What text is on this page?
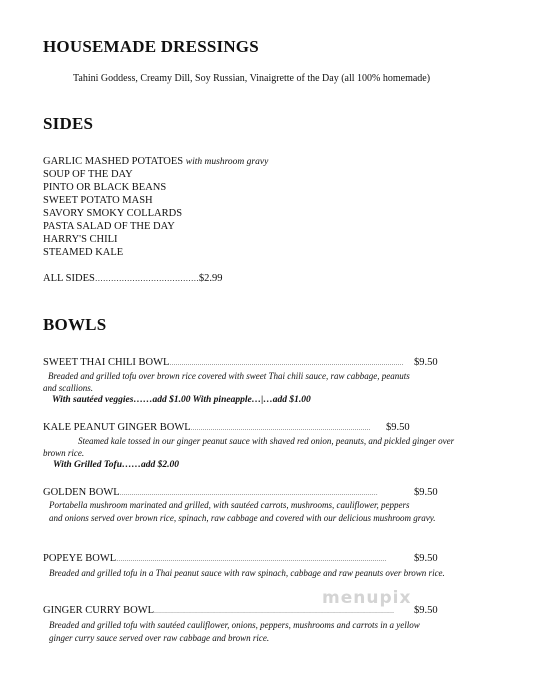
HOUSEMADE DRESSINGS
Tahini Goddess, Creamy Dill, Soy Russian, Vinaigrette of the Day (all 100% homemade)
SIDES
GARLIC MASHED POTATOES with mushroom gravy
SOUP OF THE DAY
PINTO OR BLACK BEANS
SWEET POTATO MASH
SAVORY SMOKY COLLARDS
PASTA SALAD OF THE DAY
HARRY'S CHILI
STEAMED KALE
ALL SIDES…………………………………$2.99
BOWLS
SWEET THAI CHILI BOWL……………………………………………………………………………………………………… $9.50
Breaded and grilled tofu over brown rice covered with sweet Thai chili sauce, raw cabbage, peanuts
and scallions.
With sautéed veggies……add $1.00 With pineapple…|…add $1.00
KALE PEANUT GINGER BOWL……………………………………………………………………………… $9.50
Steamed kale tossed in our ginger peanut sauce with shaved red onion, peanuts, and pickled ginger over
brown rice.
With Grilled Tofu……add $2.00
GOLDEN BOWL…………………………………………………………………………………………………………………	$9.50
Portabella mushroom marinated and grilled, with sautéed carrots, mushrooms, cauliflower, peppers
and onions served over brown rice, spinach, raw cabbage and covered with our delicious mushroom gravy.
POPEYE BOWL………………………………………………………………………………………………………………………	$9.50
Breaded and grilled tofu in a Thai peanut sauce with raw spinach, cabbage and raw peanuts over brown rice.
GINGER CURRY BOWL………………………………………………………………………………………………………… $9.50
Breaded and grilled tofu with sautéed cauliflower, onions, peppers, mushrooms and carrots in a yellow
ginger curry sauce served over raw cabbage and brown rice.
menupix
